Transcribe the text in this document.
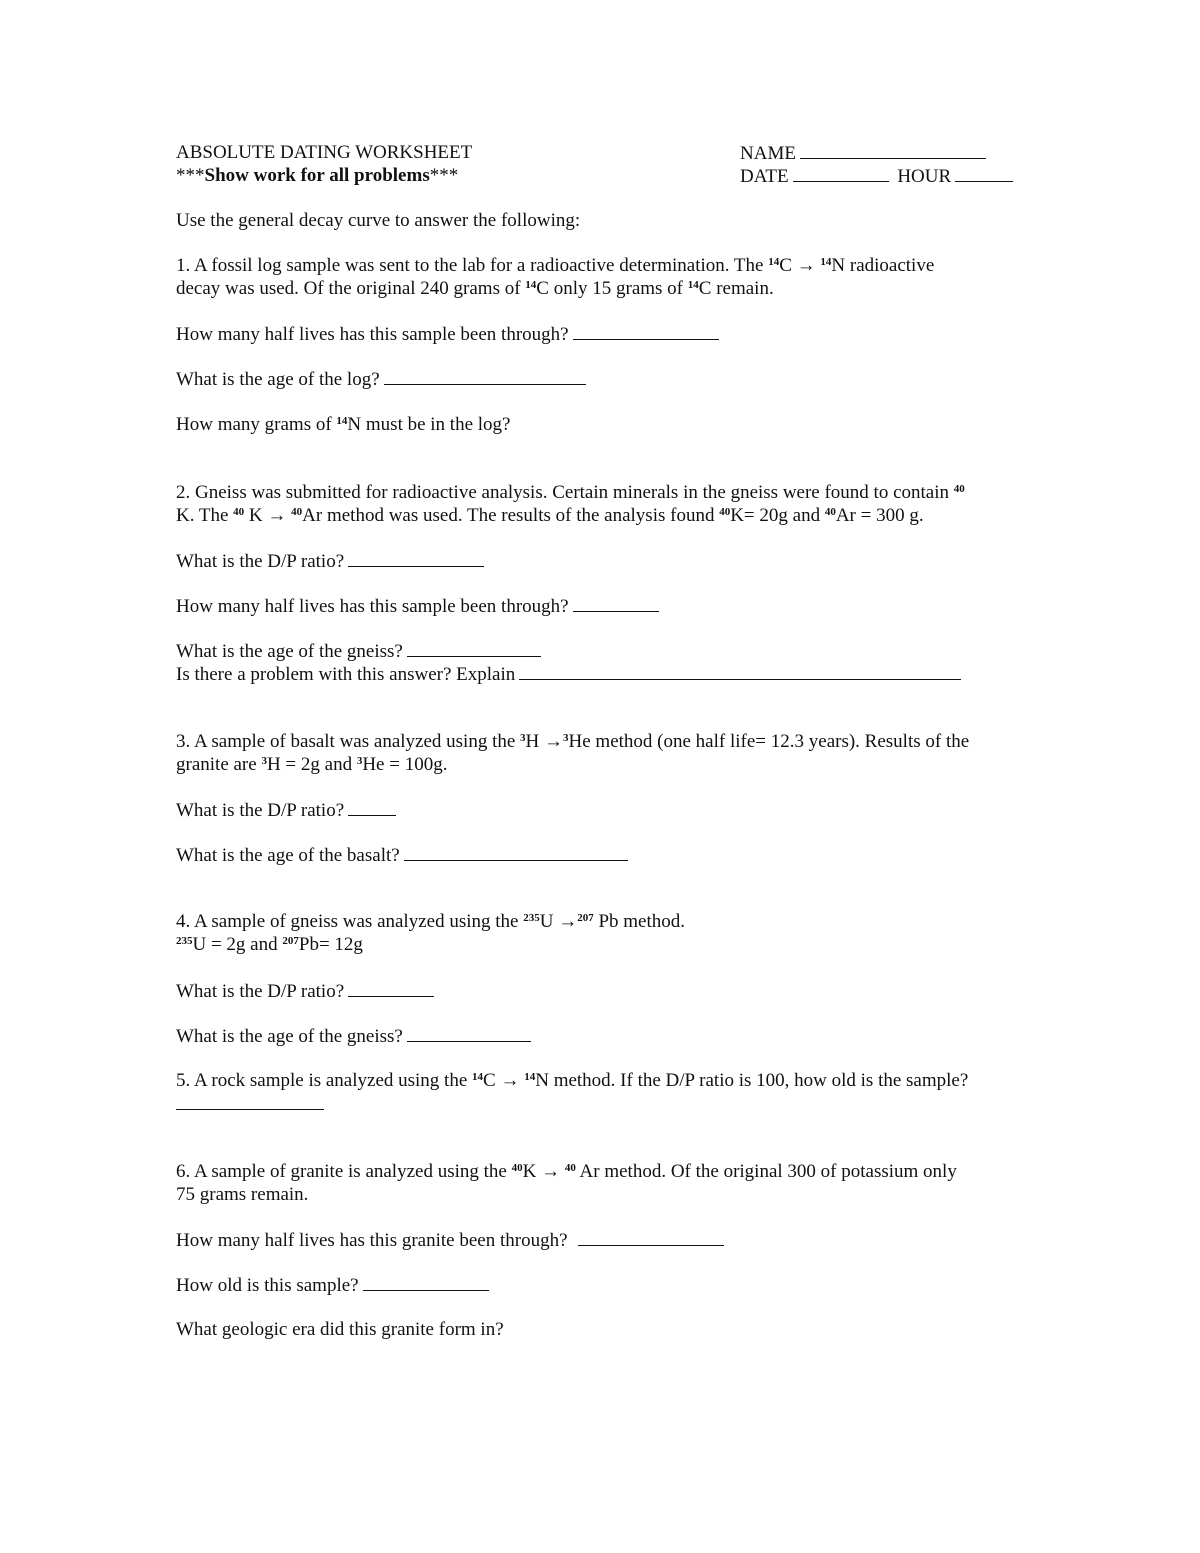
ABSOLUTE DATING WORKSHEET	NAME
***Show work for all problems***	DATE	HOUR
Use the general decay curve to answer the following:
1. A fossil log sample was sent to the lab for a radioactive determination. The $^{14}$C → $^{14}$N radioactive
decay was used. Of the original 240 grams of $^{14}$C only 15 grams of $^{14}$C remain.
How many half lives has this sample been through?
What is the age of the log?
How many grams of $^{14}$N must be in the log?
2. Gneiss was submitted for radioactive analysis. Certain minerals in the gneiss were found to contain $^{40}$
K. The $^{40}$ K → $^{40}$Ar method was used. The results of the analysis found $^{40}$K= 20g and $^{40}$Ar = 300 g.
What is the D/P ratio?
How many half lives has this sample been through?
What is the age of the gneiss?
Is there a problem with this answer? Explain
3. A sample of basalt was analyzed using the $^3$H →$^3$He method (one half life= 12.3 years). Results of the
granite are $^3$H = 2g and $^3$He = 100g.
What is the D/P ratio?
What is the age of the basalt?
4. A sample of gneiss was analyzed using the $^{235}$U →$^{207}$ Pb method.
$^{235}$U = 2g and $^{207}$Pb= 12g
What is the D/P ratio?
What is the age of the gneiss?
5. A rock sample is analyzed using the $^{14}$C → $^{14}$N method. If the D/P ratio is 100, how old is the sample?
6. A sample of granite is analyzed using the $^{40}$K → $^{40}$ Ar method. Of the original 300 of potassium only
75 grams remain.
How many half lives has this granite been through?
How old is this sample?
What geologic era did this granite form in?
